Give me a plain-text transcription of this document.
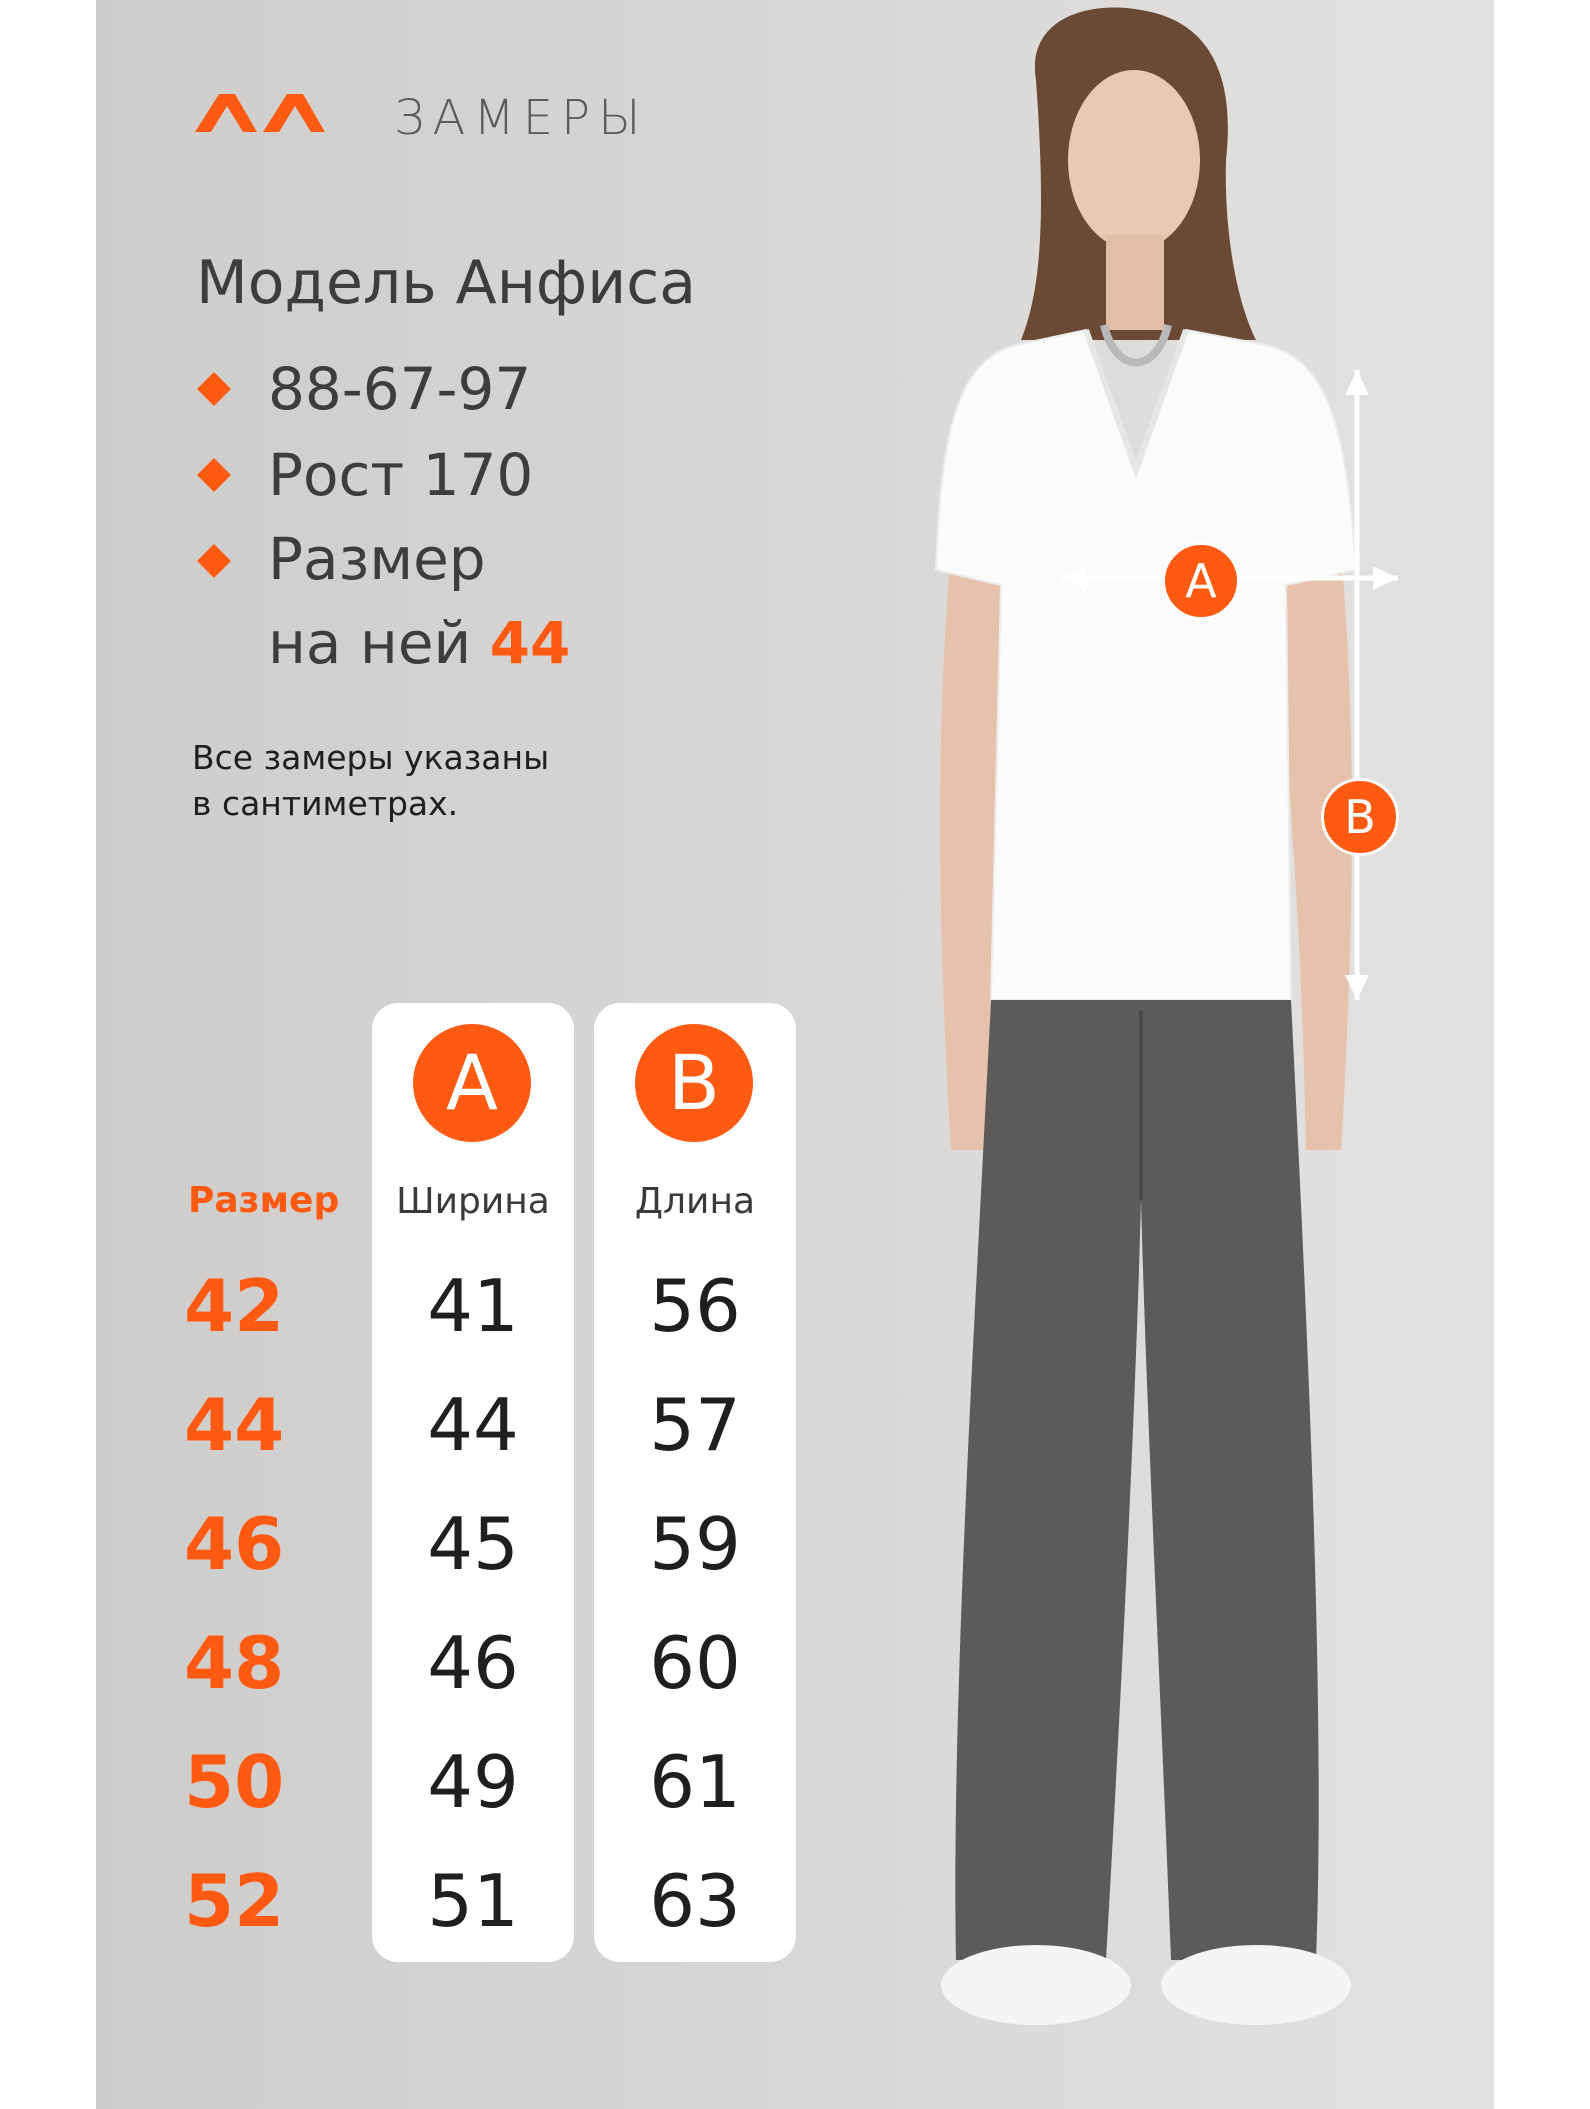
ЗАМЕРЫ
Модель Анфиса
88-67-97
Рост 170
Размер
на ней 44
Все замеры указаны
в сантиметрах.
Размер
42
44
46
48
50
52
A
Ширина
41
44
45
46
49
51
B
Длина
56
57
59
60
61
63
A
B
